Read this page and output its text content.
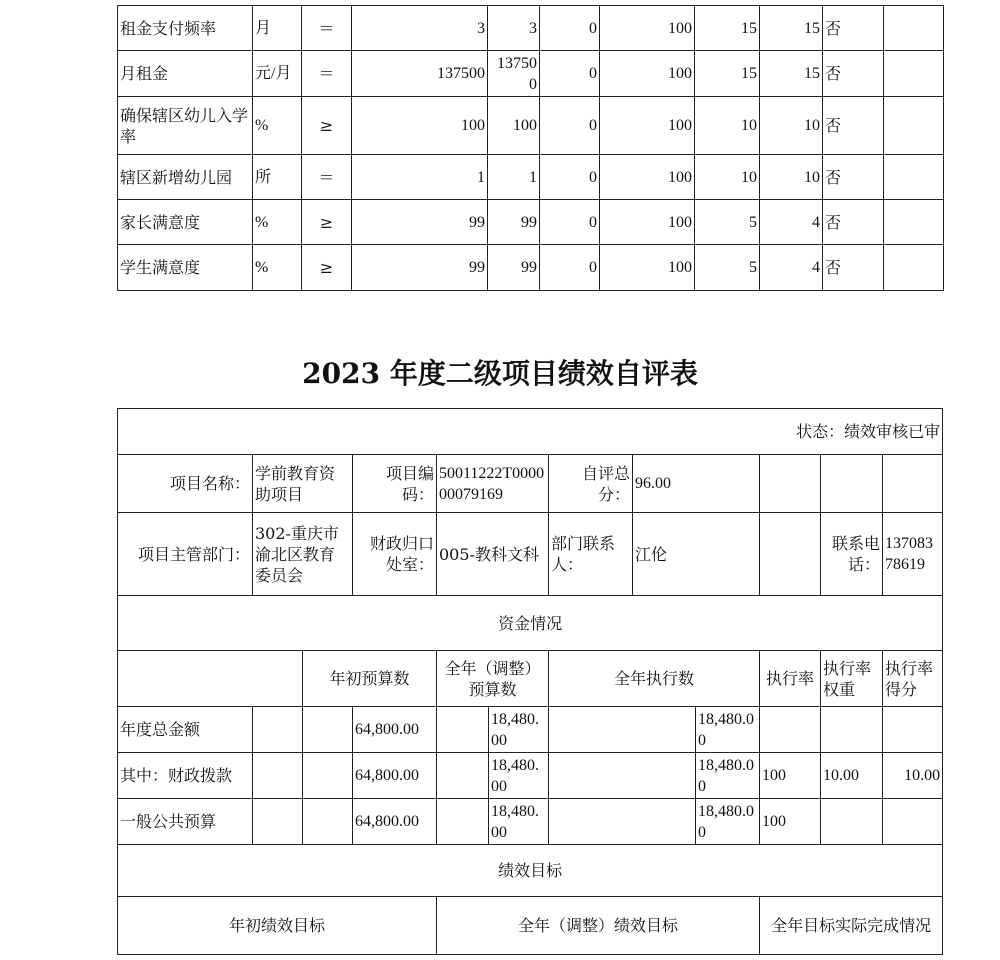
租金支付频率	月	＝	3	3	0	100	15	15	否	
月租金	元/月	＝	137500	137500	0	100	15	15	否	
确保辖区幼儿入学率	%	≥	100	100	0	100	10	10	否	
辖区新增幼儿园	所	＝	1	1	0	100	10	10	否	
家长满意度	%	≥	99	99	0	100	5	4	否	
学生满意度	%	≥	99	99	0	100	5	4	否	
2023 年度二级项目绩效自评表
状态：绩效审核已审											
项目名称：	学前教育资助项目		项目编码：	50011222T000000079169		自评总分：	96.00				
项目主管部门：	302-重庆市渝北区教育委员会		财政归口处室：	005-教科文科		部门联系人：	江伦			联系电话：	13708378619
资金情况											
		年初预算数		全年（调整）预算数		全年执行数			执行率	执行率权重	执行率得分
年度总金额			64,800.00		18,480.00			18,480.00			
其中：财政拨款			64,800.00		18,480.00			18,480.00	100	10.00	10.00
一般公共预算			64,800.00		18,480.00			18,480.00	100		
绩效目标											
年初绩效目标				全年（调整）绩效目标					全年目标实际完成情况		
